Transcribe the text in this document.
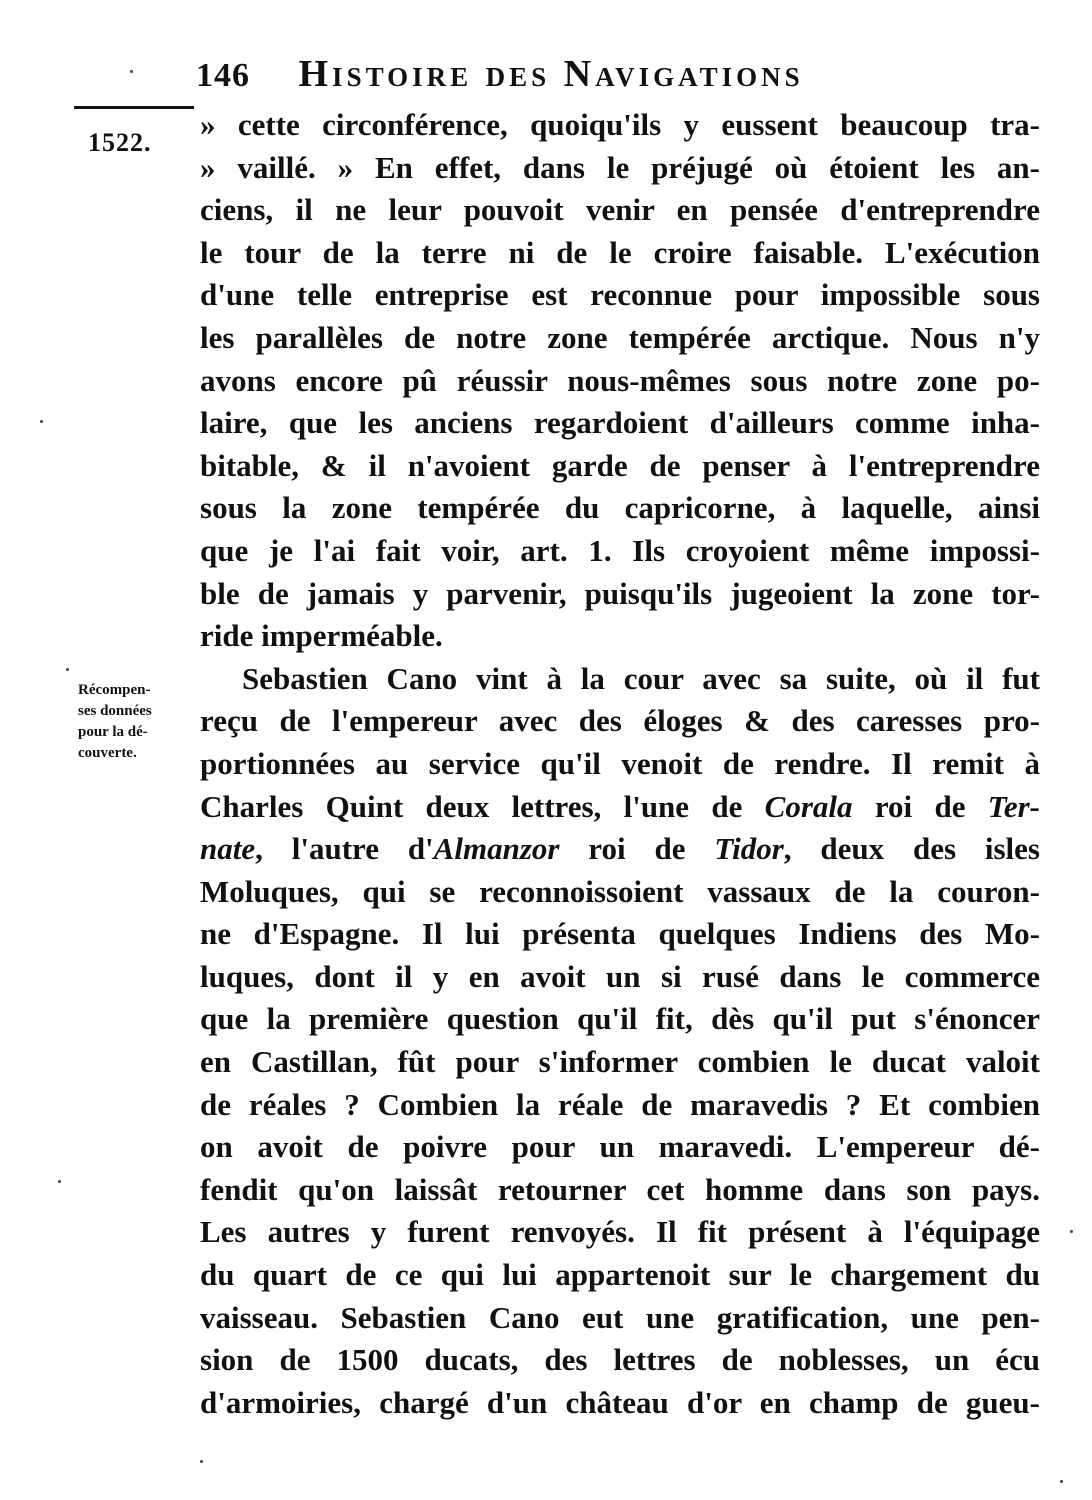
146 Histoire des Navigations
1522.
Récompen-
ses données
pour la dé-
couverte.
» cette circonférence, quoiqu'ils y eussent beaucoup tra-
» vaillé. » En effet, dans le préjugé où étoient les an-
ciens, il ne leur pouvoit venir en pensée d'entreprendre
le tour de la terre ni de le croire faisable. L'exécution
d'une telle entreprise est reconnue pour impossible sous
les parallèles de notre zone tempérée arctique. Nous n'y
avons encore pû réussir nous-mêmes sous notre zone po-
laire, que les anciens regardoient d'ailleurs comme inha-
bitable, & il n'avoient garde de penser à l'entreprendre
sous la zone tempérée du capricorne, à laquelle, ainsi
que je l'ai fait voir, art. 1. Ils croyoient même impossi-
ble de jamais y parvenir, puisqu'ils jugeoient la zone tor-
ride imperméable.
Sebastien Cano vint à la cour avec sa suite, où il fut
reçu de l'empereur avec des éloges & des caresses pro-
portionnées au service qu'il venoit de rendre. Il remit à
Charles Quint deux lettres, l'une de Corala roi de Ter-
nate, l'autre d'Almanzor roi de Tidor, deux des isles
Moluques, qui se reconnoissoient vassaux de la couron-
ne d'Espagne. Il lui présenta quelques Indiens des Mo-
luques, dont il y en avoit un si rusé dans le commerce
que la première question qu'il fit, dès qu'il put s'énoncer
en Castillan, fût pour s'informer combien le ducat valoit
de réales ? Combien la réale de maravedis ? Et combien
on avoit de poivre pour un maravedi. L'empereur dé-
fendit qu'on laissât retourner cet homme dans son pays.
Les autres y furent renvoyés. Il fit présent à l'équipage
du quart de ce qui lui appartenoit sur le chargement du
vaisseau. Sebastien Cano eut une gratification, une pen-
sion de 1500 ducats, des lettres de noblesses, un écu
d'armoiries, chargé d'un château d'or en champ de gueu-
